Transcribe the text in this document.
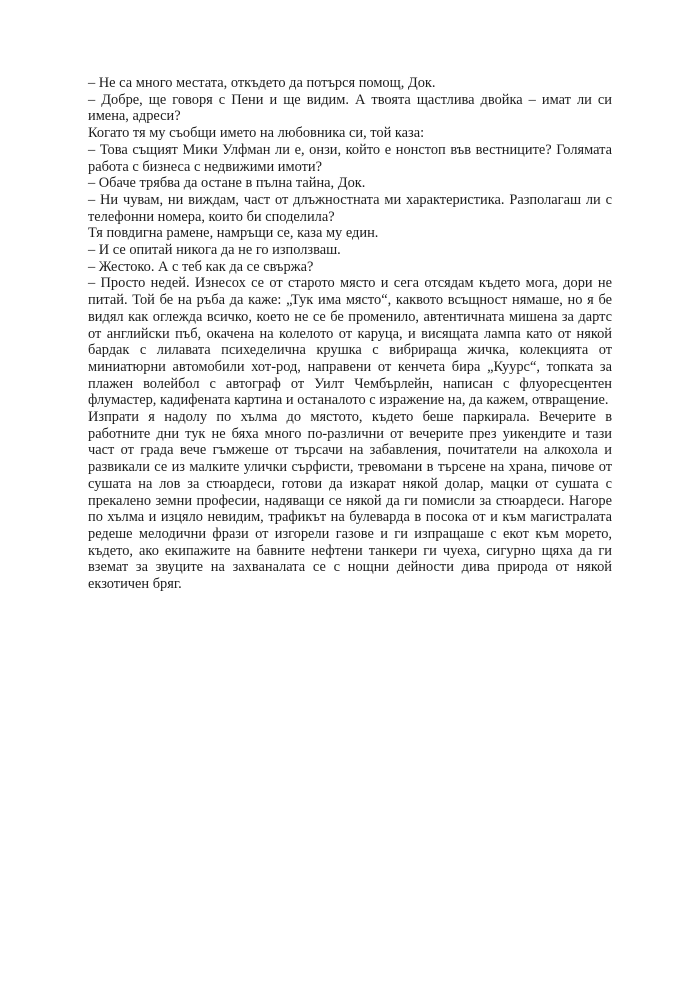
– Не са много местата, откъдето да потърся помощ, Док.

– Добре, ще говоря с Пени и ще видим. А твоята щастлива двойка – имат ли си имена, адреси?

Когато тя му съобщи името на любовника си, той каза:

– Това същият Мики Улфман ли е, онзи, който е нонстоп във вестниците? Голямата работа с бизнеса с недвижими имоти?

– Обаче трябва да остане в пълна тайна, Док.

– Ни чувам, ни виждам, част от длъжностната ми характеристика. Разполагаш ли с телефонни номера, които би споделила?

Тя повдигна рамене, намръщи се, каза му един.

– И се опитай никога да не го използваш.

– Жестоко. А с теб как да се свържа?

– Просто недей. Изнесох се от старото място и сега отсядам където мога, дори не питай. Той бе на ръба да каже: „Тук има място“, каквото всъщност нямаше, но я бе видял как оглежда всичко, което не се бе променило, автентичната мишена за дартс от английски пъб, окачена на колелото от каруца, и висящата лампа като от някой бардак с лилавата психеделична крушка с вибрираща жичка, колекцията от миниатюрни автомобили хот-род, направени от кенчета бира „Куурс“, топката за плажен волейбол с автограф от Уилт Чембърлейн, написан с флуоресцентен флумастер, кадифената картина и останалото с изражение на, да кажем, отвращение.

Изпрати я надолу по хълма до мястото, където беше паркирала. Вечерите в работните дни тук не бяха много по-различни от вечерите през уикендите и тази част от града вече гъмжеше от търсачи на забавления, почитатели на алкохола и развикали се из малките улички сърфисти, тревомани в търсене на храна, пичове от сушата на лов за стюардеси, готови да изкарат някой долар, мацки от сушата с прекалено земни професии, надяващи се някой да ги помисли за стюардеси. Нагоре по хълма и изцяло невидим, трафикът на булеварда в посока от и към магистралата редеше мелодични фрази от изгорели газове и ги изпращаше с екот към морето, където, ако екипажите на бавните нефтени танкери ги чуеха, сигурно щяха да ги вземат за звуците на захваналата се с нощни дейности дива природа от някой екзотичен бряг.
